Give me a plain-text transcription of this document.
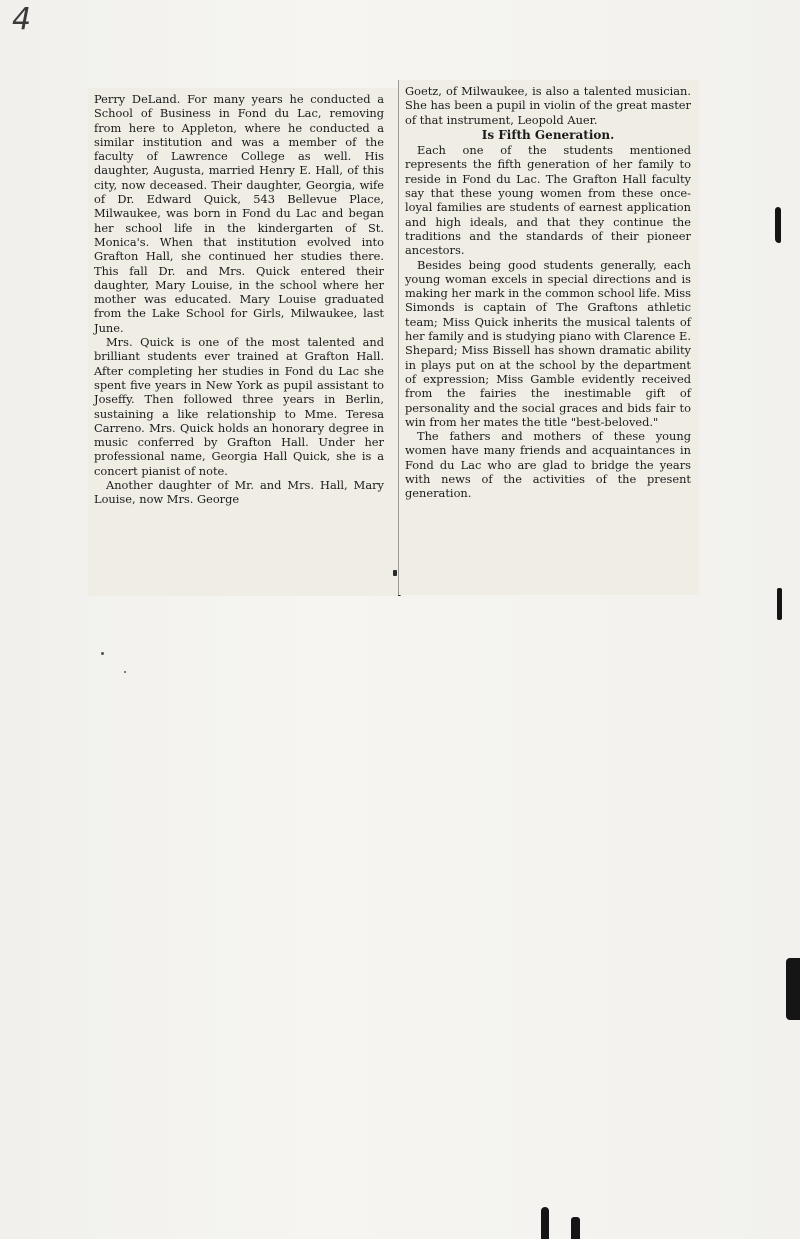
4

Perry DeLand. For many years he conducted a School of Business in Fond du Lac, removing from here to Appleton, where he conducted a similar institution and was a member of the faculty of Lawrence College as well. His daughter, Augusta, married Henry E. Hall, of this city, now deceased. Their daughter, Georgia, wife of Dr. Edward Quick, 543 Bellevue Place, Milwaukee, was born in Fond du Lac and began her school life in the kindergarten of St. Monica's. When that institution evolved into Grafton Hall, she continued her studies there. This fall Dr. and Mrs. Quick entered their daughter, Mary Louise, in the school where her mother was educated. Mary Louise graduated from the Lake School for Girls, Milwaukee, last June.

Mrs. Quick is one of the most talented and brilliant students ever trained at Grafton Hall. After completing her studies in Fond du Lac she spent five years in New York as pupil assistant to Joseffy. Then followed three years in Berlin, sustaining a like relationship to Mme. Teresa Carreno. Mrs. Quick holds an honorary degree in music conferred by Grafton Hall. Under her professional name, Georgia Hall Quick, she is a concert pianist of note.

Another daughter of Mr. and Mrs. Hall, Mary Louise, now Mrs. George

Goetz, of Milwaukee, is also a talented musician. She has been a pupil in violin of the great master of that instrument, Leopold Auer.

Is Fifth Generation.

Each one of the students mentioned represents the fifth generation of her family to reside in Fond du Lac. The Grafton Hall faculty say that these young women from these once-loyal families are students of earnest application and high ideals, and that they continue the traditions and the standards of their pioneer ancestors.

Besides being good students generally, each young woman excels in special directions and is making her mark in the common school life. Miss Simonds is captain of The Graftons athletic team; Miss Quick inherits the musical talents of her family and is studying piano with Clarence E. Shepard; Miss Bissell has shown dramatic ability in plays put on at the school by the department of expression; Miss Gamble evidently received from the fairies the inestimable gift of personality and the social graces and bids fair to win from her mates the title "best-beloved."

The fathers and mothers of these young women have many friends and acquaintances in Fond du Lac who are glad to bridge the years with news of the activities of the present generation.
